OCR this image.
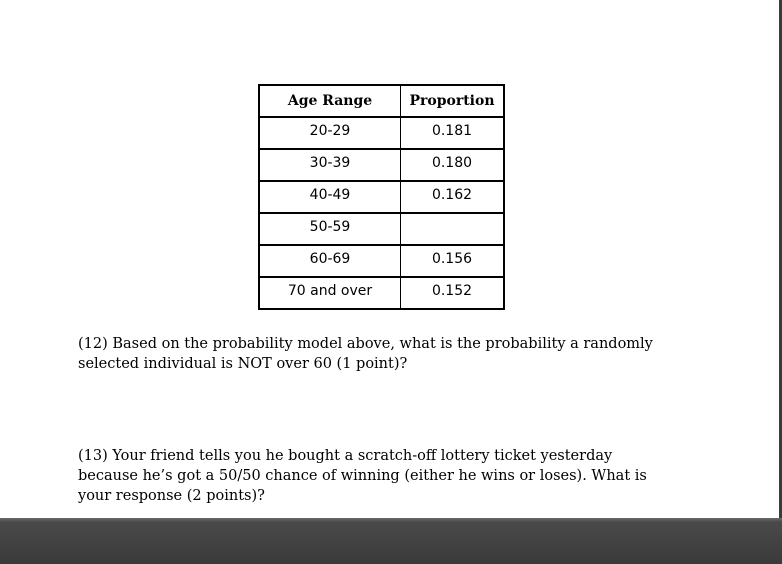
Age Range	Proportion
20-29	0.181
30-39	0.180
40-49	0.162
50-59	
60-69	0.156
70 and over	0.152
(12) Based on the probability model above, what is the probability a randomly
selected individual is NOT over 60 (1 point)?
(13) Your friend tells you he bought a scratch-off lottery ticket yesterday
because he’s got a 50/50 chance of winning (either he wins or loses). What is
your response (2 points)?
